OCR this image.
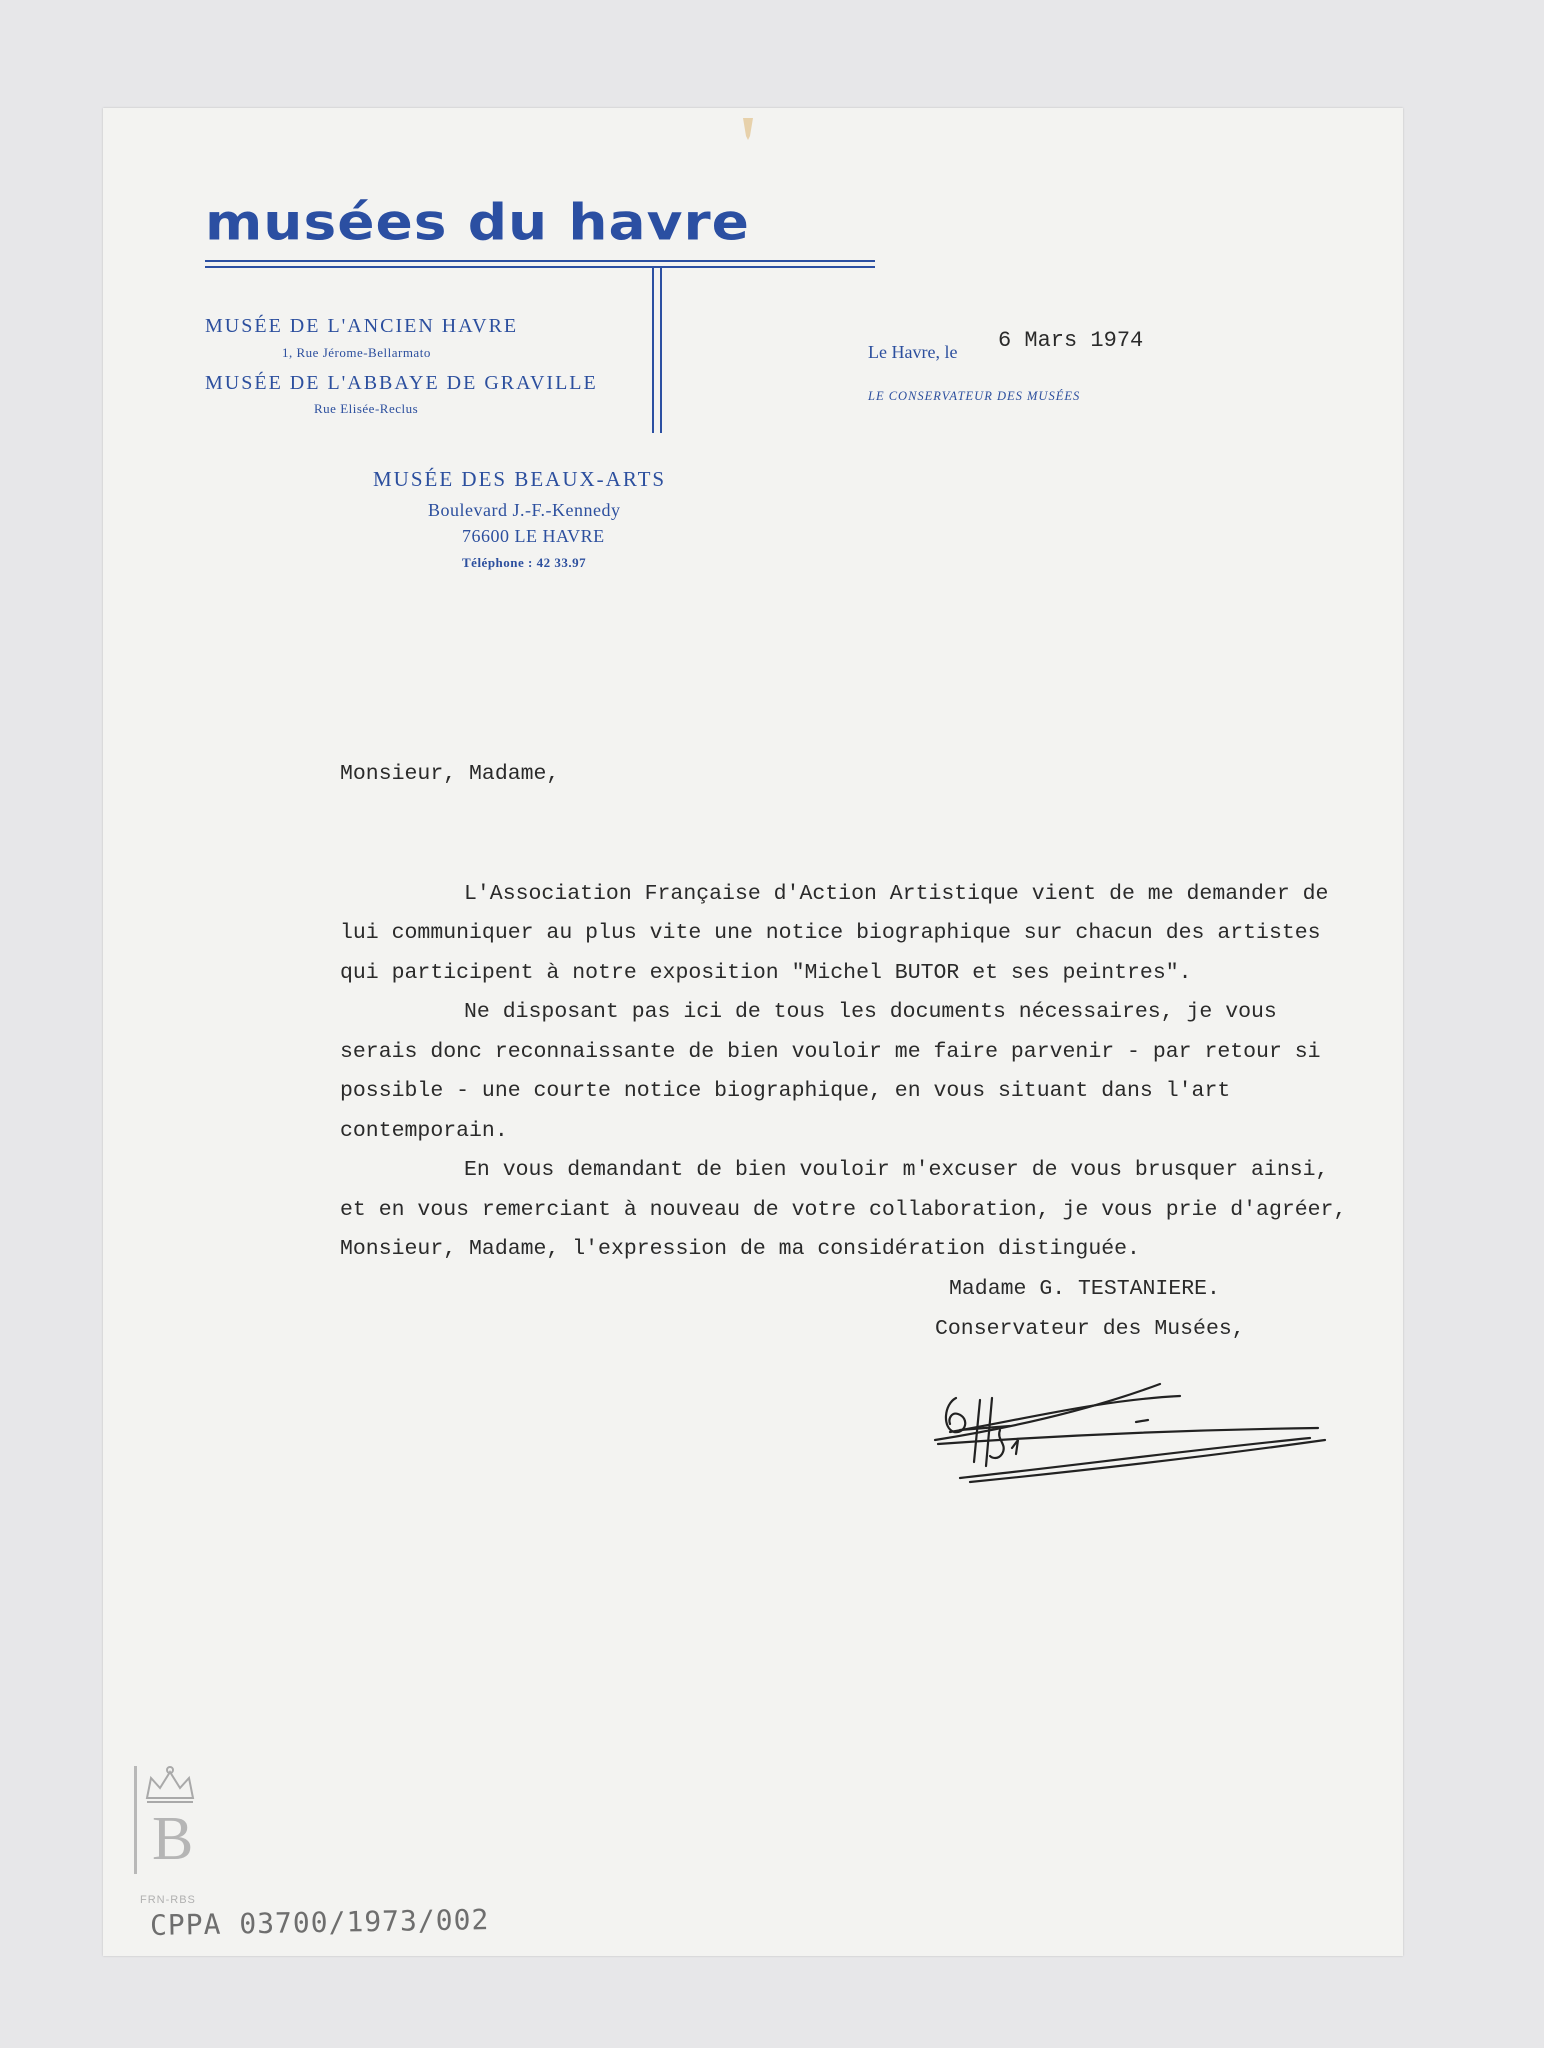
musées du havre
MUSÉE DE L'ANCIEN HAVRE
1, Rue Jérome-Bellarmato
MUSÉE DE L'ABBAYE DE GRAVILLE
Rue Elisée-Reclus
MUSÉE DES BEAUX-ARTS
Boulevard J.-F.-Kennedy
76600 LE HAVRE
Téléphone : 42 33.97
Le Havre, le 6 Mars 1974
LE CONSERVATEUR DES MUSÉES

Monsieur, Madame,

L'Association Française d'Action Artistique vient de me demander de lui communiquer au plus vite une notice biographique sur chacun des artistes qui participent à notre exposition "Michel BUTOR et ses peintres".

Ne disposant pas ici de tous les documents nécessaires, je vous serais donc reconnaissante de bien vouloir me faire parvenir - par retour si possible - une courte notice biographique, en vous situant dans l'art contemporain.

En vous demandant de bien vouloir m'excuser de vous brusquer ainsi, et en vous remerciant à nouveau de votre collaboration, je vous prie d'agréer, Monsieur, Madame, l'expression de ma considération distinguée.

Madame G. TESTANIERE.
Conservateur des Musées,
B
FRN-RBS
CPPA 03700/1973/002
